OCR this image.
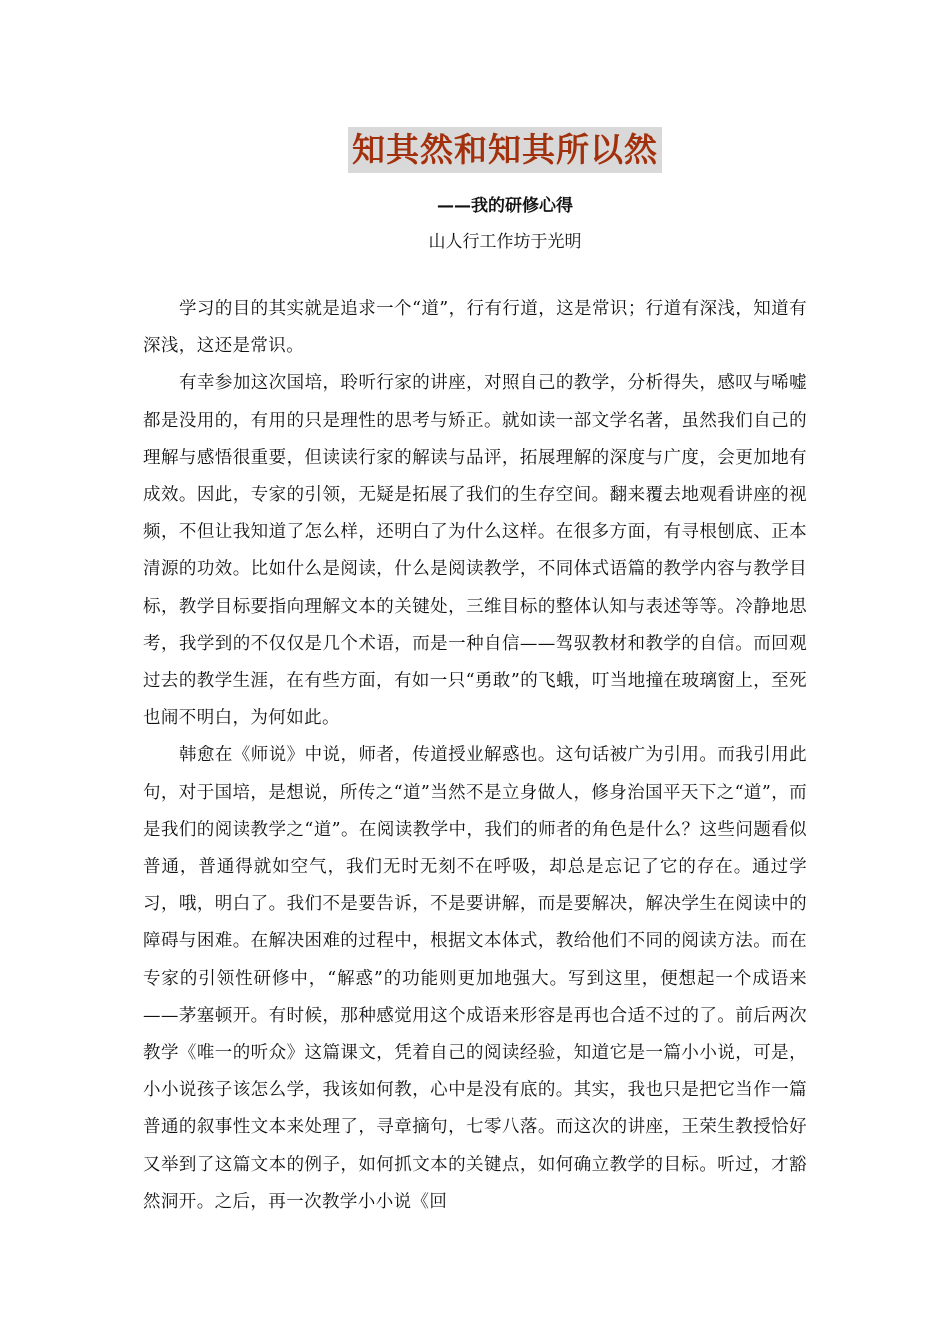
知其然和知其所以然
——我的研修心得
山人行工作坊于光明

学习的目的其实就是追求一个“道”，行有行道，这是常识；行道有深浅，知道有深浅，这还是常识。

有幸参加这次国培，聆听行家的讲座，对照自己的教学，分析得失，感叹与唏嘘都是没用的，有用的只是理性的思考与矫正。就如读一部文学名著，虽然我们自己的理解与感悟很重要，但读读行家的解读与品评，拓展理解的深度与广度，会更加地有成效。因此，专家的引领，无疑是拓展了我们的生存空间。翻来覆去地观看讲座的视频，不但让我知道了怎么样，还明白了为什么这样。在很多方面，有寻根刨底、正本清源的功效。比如什么是阅读，什么是阅读教学，不同体式语篇的教学内容与教学目标，教学目标要指向理解文本的关键处，三维目标的整体认知与表述等等。冷静地思考，我学到的不仅仅是几个术语，而是一种自信——驾驭教材和教学的自信。而回观过去的教学生涯，在有些方面，有如一只“勇敢”的飞蛾，叮当地撞在玻璃窗上，至死也闹不明白，为何如此。

韩愈在《师说》中说，师者，传道授业解惑也。这句话被广为引用。而我引用此句，对于国培，是想说，所传之“道”当然不是立身做人，修身治国平天下之“道”，而是我们的阅读教学之“道”。在阅读教学中，我们的师者的角色是什么？这些问题看似普通，普通得就如空气，我们无时无刻不在呼吸，却总是忘记了它的存在。通过学习，哦，明白了。我们不是要告诉，不是要讲解，而是要解决，解决学生在阅读中的障碍与困难。在解决困难的过程中，根据文本体式，教给他们不同的阅读方法。而在专家的引领性研修中，“解惑”的功能则更加地强大。写到这里，便想起一个成语来——茅塞顿开。有时候，那种感觉用这个成语来形容是再也合适不过的了。前后两次教学《唯一的听众》这篇课文，凭着自己的阅读经验，知道它是一篇小小说，可是，小小说孩子该怎么学，我该如何教，心中是没有底的。其实，我也只是把它当作一篇普通的叙事性文本来处理了，寻章摘句，七零八落。而这次的讲座，王荣生教授恰好又举到了这篇文本的例子，如何抓文本的关键点，如何确立教学的目标。听过，才豁然洞开。之后，再一次教学小小说《回
